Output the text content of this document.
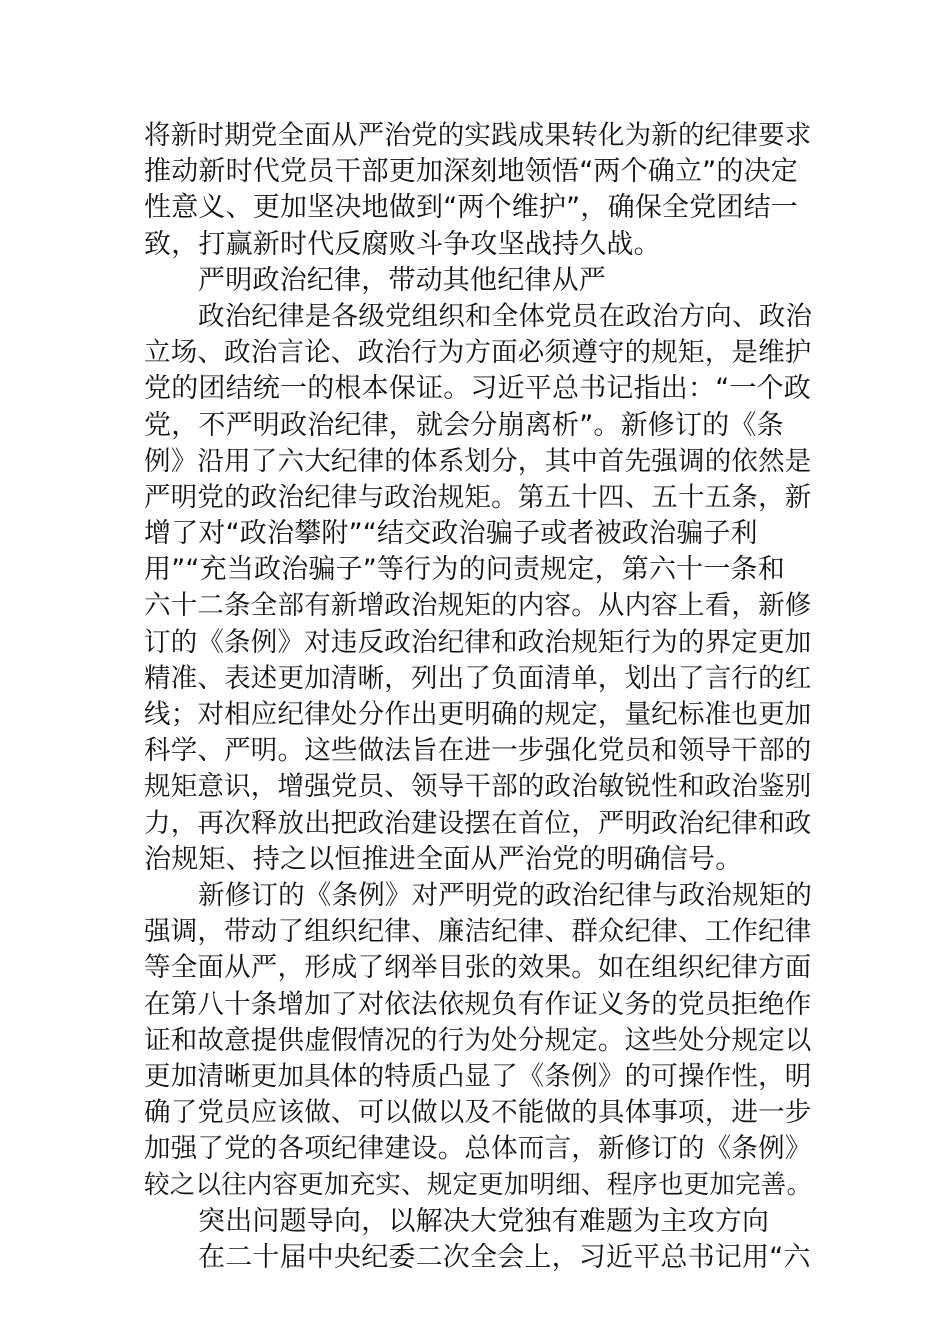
将新时期党全面从严治党的实践成果转化为新的纪律要求
推动新时代党员干部更加深刻地领悟“两个确立”的决定
性意义、更加坚决地做到“两个维护”，确保全党团结一
致，打赢新时代反腐败斗争攻坚战持久战。
严明政治纪律，带动其他纪律从严
政治纪律是各级党组织和全体党员在政治方向、政治
立场、政治言论、政治行为方面必须遵守的规矩，是维护
党的团结统一的根本保证。习近平总书记指出：“一个政
党，不严明政治纪律，就会分崩离析”。新修订的《条
例》沿用了六大纪律的体系划分，其中首先强调的依然是
严明党的政治纪律与政治规矩。第五十四、五十五条，新
增了对“政治攀附”“结交政治骗子或者被政治骗子利
用”“充当政治骗子”等行为的问责规定，第六十一条和
六十二条全部有新增政治规矩的内容。从内容上看，新修
订的《条例》对违反政治纪律和政治规矩行为的界定更加
精准、表述更加清晰，列出了负面清单，划出了言行的红
线；对相应纪律处分作出更明确的规定，量纪标准也更加
科学、严明。这些做法旨在进一步强化党员和领导干部的
规矩意识，增强党员、领导干部的政治敏锐性和政治鉴别
力，再次释放出把政治建设摆在首位，严明政治纪律和政
治规矩、持之以恒推进全面从严治党的明确信号。
新修订的《条例》对严明党的政治纪律与政治规矩的
强调，带动了组织纪律、廉洁纪律、群众纪律、工作纪律
等全面从严，形成了纲举目张的效果。如在组织纪律方面
在第八十条增加了对依法依规负有作证义务的党员拒绝作
证和故意提供虚假情况的行为处分规定。这些处分规定以
更加清晰更加具体的特质凸显了《条例》的可操作性，明
确了党员应该做、可以做以及不能做的具体事项，进一步
加强了党的各项纪律建设。总体而言，新修订的《条例》
较之以往内容更加充实、规定更加明细、程序也更加完善。
突出问题导向，以解决大党独有难题为主攻方向
在二十届中央纪委二次全会上，习近平总书记用“六
